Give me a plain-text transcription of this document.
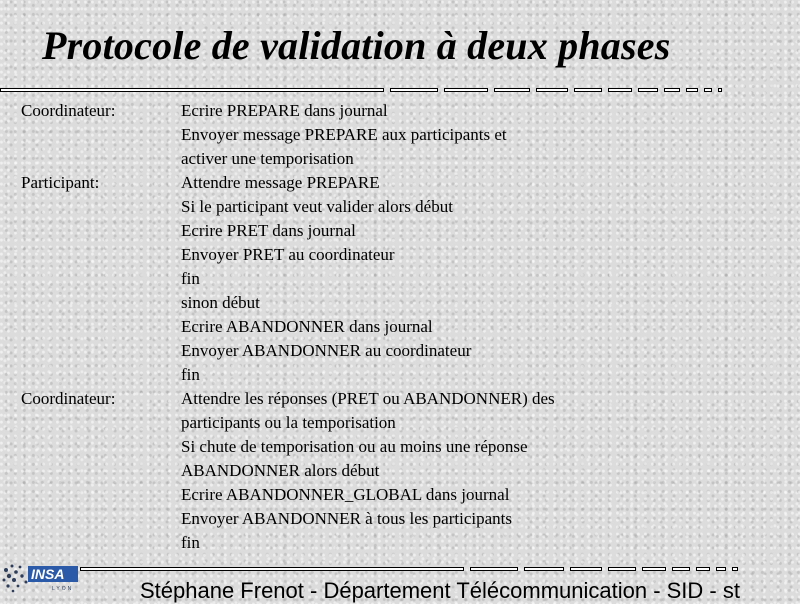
Protocole de validation à deux phases
Coordinateur:	Ecrire PREPARE dans journal
Envoyer message PREPARE aux participants et
activer une temporisation
Participant:	Attendre message PREPARE
Si le participant veut valider alors début
Ecrire PRET dans journal
Envoyer PRET au coordinateur
fin
sinon début
Ecrire ABANDONNER dans journal
Envoyer ABANDONNER au coordinateur
fin
Coordinateur:	Attendre les réponses (PRET ou ABANDONNER) des
participants ou la temporisation
Si chute de temporisation ou au moins une réponse
ABANDONNER alors début
Ecrire ABANDONNER_GLOBAL dans journal
Envoyer ABANDONNER à tous les participants
fin
INSA
LYON	Stéphane Frenot - Département Télécommunication - SID - st
